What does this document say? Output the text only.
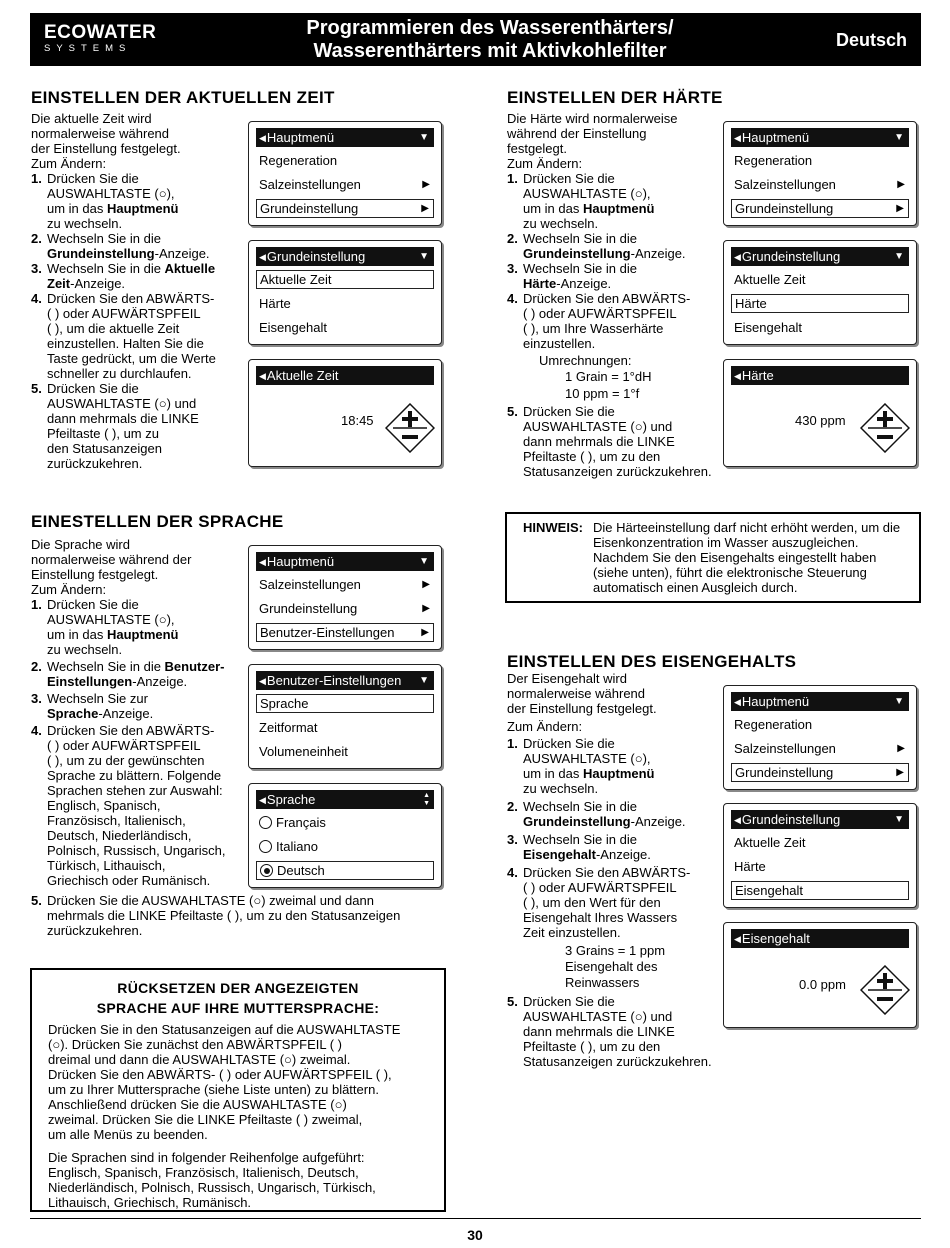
ECOWATER
SYSTEMS
Programmieren des Wasserenthärters/
Wasserenthärters mit Aktivkohlefilter	Deutsch
EINSTELLEN DER AKTUELLEN ZEIT

Die aktuelle Zeit wird

normalerweise während

der Einstellung festgelegt.

Zum Ändern:

1. Drücken Sie die
AUSWAHLTASTE (○),
um in das Hauptmenü
zu wechseln.
2. Wechseln Sie in die
Grundeinstellung-Anzeige.
3. Wechseln Sie in die Aktuelle
Zeit-Anzeige.
4. Drücken Sie den ABWÄRTS-
( ) oder AUFWÄRTSPFEIL
( ), um die aktuelle Zeit
einzustellen. Halten Sie die
Taste gedrückt, um die Werte
schneller zu durchlaufen.
5. Drücken Sie die
AUSWAHLTASTE (○) und
dann mehrmals die LINKE
Pfeiltaste ( ), um zu
den Statusanzeigen
zurückzukehren.
◀Hauptmenü	▼
Regeneration
Salzeinstellungen	▶
Grundeinstellung	▶
◀Grundeinstellung	▼
Aktuelle Zeit
Härte
Eisengehalt
◀Aktuelle Zeit
18:45
EINSTELLEN DER HÄRTE

Die Härte wird normalerweise

während der Einstellung

festgelegt.

Zum Ändern:

1. Drücken Sie die
AUSWAHLTASTE (○),
um in das Hauptmenü
zu wechseln.
2. Wechseln Sie in die
Grundeinstellung-Anzeige.
3. Wechseln Sie in die
Härte-Anzeige.
4. Drücken Sie den ABWÄRTS-
( ) oder AUFWÄRTSPFEIL
( ), um Ihre Wasserhärte
einzustellen.

Umrechnungen:

1 Grain = 1°dH

10 ppm = 1°f

5. Drücken Sie die
AUSWAHLTASTE (○) und
dann mehrmals die LINKE
Pfeiltaste ( ), um zu den
Statusanzeigen zurückzukehren.
◀Hauptmenü	▼
Regeneration
Salzeinstellungen	▶
Grundeinstellung	▶
◀Grundeinstellung	▼
Aktuelle Zeit
Härte
Eisengehalt
◀Härte
430 ppm
HINWEIS: Die Härteeinstellung darf nicht erhöht werden, um die Eisenkonzentration im Wasser auszugleichen. Nachdem Sie den Eisengehalts eingestellt haben (siehe unten), führt die elektronische Steuerung automatisch einen Ausgleich durch.
EINESTELLEN DER SPRACHE

Die Sprache wird

normalerweise während der

Einstellung festgelegt.

Zum Ändern:

1. Drücken Sie die
AUSWAHLTASTE (○),
um in das Hauptmenü
zu wechseln.
2. Wechseln Sie in die Benutzer-
Einstellungen-Anzeige.
3. Wechseln Sie zur
Sprache-Anzeige.
4. Drücken Sie den ABWÄRTS-
( ) oder AUFWÄRTSPFEIL
( ), um zu der gewünschten
Sprache zu blättern. Folgende
Sprachen stehen zur Auswahl:
Englisch, Spanisch,
Französisch, Italienisch,
Deutsch, Niederländisch,
Polnisch, Russisch, Ungarisch,
Türkisch, Lithauisch,
Griechisch oder Rumänisch.
5. Drücken Sie die AUSWAHLTASTE (○) zweimal und dann
mehrmals die LINKE Pfeiltaste ( ), um zu den Statusanzeigen
zurückzukehren.
◀Hauptmenü	▼
Salzeinstellungen	▶
Grundeinstellung	▶
Benutzer-Einstellungen	▶
◀Benutzer-Einstellungen ▼
Sprache
Zeitformat
Volumeneinheit
◀Sprache	▲
▼
Français
Italiano
Deutsch
EINSTELLEN DES EISENGEHALTS

Der Eisengehalt wird

normalerweise während

der Einstellung festgelegt.

Zum Ändern:

1. Drücken Sie die
AUSWAHLTASTE (○),
um in das Hauptmenü
zu wechseln.
2. Wechseln Sie in die
Grundeinstellung-Anzeige.
3. Wechseln Sie in die
Eisengehalt-Anzeige.
4. Drücken Sie den ABWÄRTS-
( ) oder AUFWÄRTSPFEIL
( ), um den Wert für den
Eisengehalt Ihres Wassers
Zeit einzustellen.

3 Grains = 1 ppm

Eisengehalt des

Reinwassers

5. Drücken Sie die
AUSWAHLTASTE (○) und
dann mehrmals die LINKE
Pfeiltaste ( ), um zu den
Statusanzeigen zurückzukehren.
◀Hauptmenü	▼
Regeneration
Salzeinstellungen	▶
Grundeinstellung	▶
◀Grundeinstellung	▼
Aktuelle Zeit
Härte
Eisengehalt
◀Eisengehalt
0.0 ppm
RÜCKSETZEN DER ANGEZEIGTEN
SPRACHE AUF IHRE MUTTERSPRACHE:

Drücken Sie in den Statusanzeigen auf die AUSWAHLTASTE
(○). Drücken Sie zunächst den ABWÄRTSPFEIL ( )
dreimal und dann die AUSWAHLTASTE (○) zweimal.
Drücken Sie den ABWÄRTS- ( ) oder AUFWÄRTSPFEIL ( ),
um zu Ihrer Muttersprache (siehe Liste unten) zu blättern.
Anschließend drücken Sie die AUSWAHLTASTE (○)
zweimal. Drücken Sie die LINKE Pfeiltaste ( ) zweimal,
um alle Menüs zu beenden.

Die Sprachen sind in folgender Reihenfolge aufgeführt:
Englisch, Spanisch, Französisch, Italienisch, Deutsch,
Niederländisch, Polnisch, Russisch, Ungarisch, Türkisch,
Lithauisch, Griechisch, Rumänisch.

30
